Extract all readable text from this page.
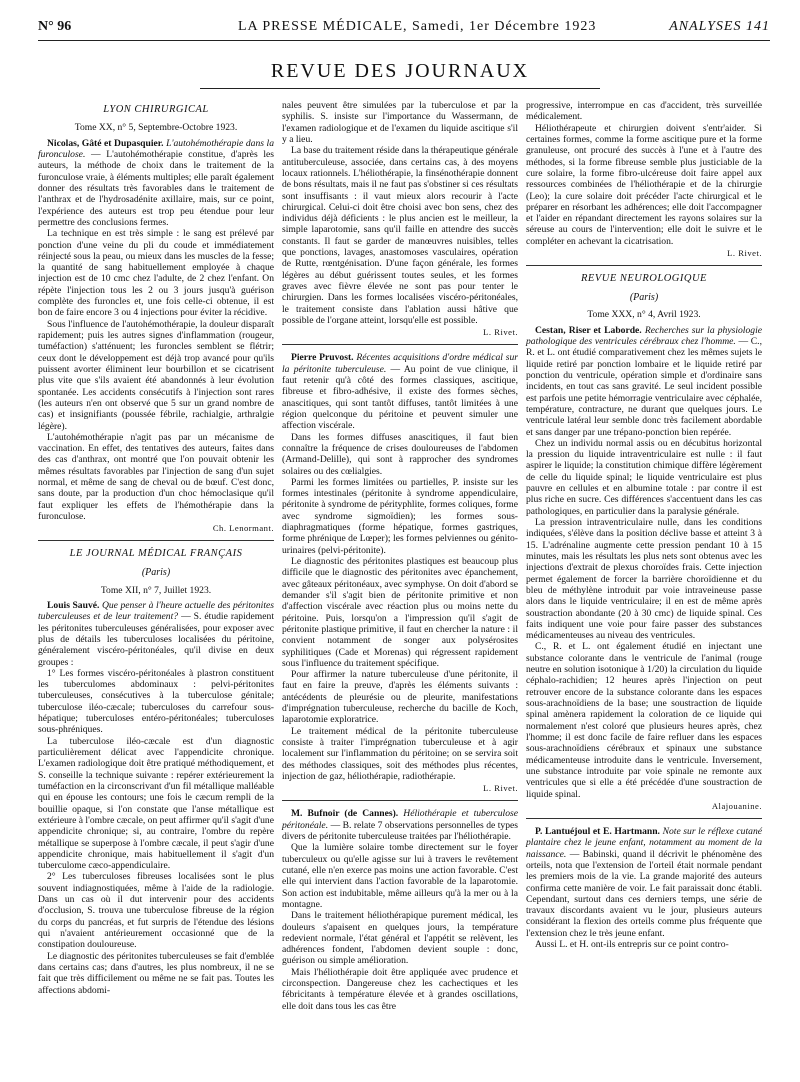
N° 96	LA PRESSE MÉDICALE, Samedi, 1er Décembre 1923	ANALYSES 141
REVUE DES JOURNAUX
LYON CHIRURGICAL
Tome XX, n° 5, Septembre-Octobre 1923.

Nicolas, Gâté et Dupasquier. L'autohémothérapie dans la furonculose. — L'autohémothérapie constitue, d'après les auteurs, la méthode de choix dans le traitement de la furonculose vraie, à éléments multiples; elle paraît également donner des résultats très favorables dans le traitement de l'anthrax et de l'hydrosadénite axillaire, mais, sur ce point, l'expérience des auteurs est trop peu étendue pour leur permettre des conclusions fermes.

La technique en est très simple : le sang est prélevé par ponction d'une veine du pli du coude et immédiatement réinjecté sous la peau, ou mieux dans les muscles de la fesse; la quantité de sang habituellement employée à chaque injection est de 10 cmc chez l'adulte, de 2 chez l'enfant. On répète l'injection tous les 2 ou 3 jours jusqu'à guérison complète des furoncles et, une fois celle-ci obtenue, il est bon de faire encore 3 ou 4 injections pour éviter la récidive.

Sous l'influence de l'autohémothérapie, la douleur disparaît rapidement; puis les autres signes d'inflammation (rougeur, tuméfaction) s'atténuent; les furoncles semblent se flétrir; ceux dont le développement est déjà trop avancé pour qu'ils puissent avorter éliminent leur bourbillon et se cicatrisent plus vite que s'ils avaient été abandonnés à leur évolution spontanée. Les accidents consécutifs à l'injection sont rares (les auteurs n'en ont observé que 5 sur un grand nombre de cas) et insignifiants (poussée fébrile, rachialgie, arthralgie légère).

L'autohémothérapie n'agit pas par un mécanisme de vaccination. En effet, des tentatives des auteurs, faites dans des cas d'anthrax, ont montré que l'on pouvait obtenir les mêmes résultats favorables par l'injection de sang d'un sujet normal, et même de sang de cheval ou de bœuf. C'est donc, sans doute, par la production d'un choc hémoclasique qu'il faut expliquer les effets de l'hémothérapie dans la furonculose.

Ch. Lenormant.
LE JOURNAL MÉDICAL FRANÇAIS
(Paris)
Tome XII, n° 7, Juillet 1923.

Louis Sauvé. Que penser à l'heure actuelle des péritonites tuberculeuses et de leur traitement? — S. étudie rapidement les péritonites tuberculeuses généralisées, pour exposer avec plus de détails les tuberculoses localisées du péritoine, généralement viscéro-péritonéales, qu'il divise en deux groupes :

1° Les formes viscéro-péritonéales à plastron constituent les tuberculomes abdominaux : pelvi-péritonites tuberculeuses, consécutives à la tuberculose génitale; tuberculose iléo-cæcale; tuberculoses du carrefour sous-hépatique; tuberculoses entéro-péritonéales; tuberculoses sous-phréniques.

La tuberculose iléo-cæcale est d'un diagnostic particulièrement délicat avec l'appendicite chronique. L'examen radiologique doit être pratiqué méthodiquement, et S. conseille la technique suivante : repérer extérieurement la tuméfaction en la circonscrivant d'un fil métallique malléable qui en épouse les contours; une fois le cæcum rempli de la bouillie opaque, si l'on constate que l'anse métallique est extérieure à l'ombre cæcale, on peut affirmer qu'il s'agit d'une appendicite chronique; si, au contraire, l'ombre du repère métallique se superpose à l'ombre cæcale, il peut s'agir d'une appendicite chronique, mais habituellement il s'agit d'un tuberculome cæco-appendiculaire.

2° Les tuberculoses fibreuses localisées sont le plus souvent indiagnostiquées, même à l'aide de la radiologie. Dans un cas où il dut intervenir pour des accidents d'occlusion, S. trouva une tuberculose fibreuse de la région du corps du pancréas, et fut surpris de l'étendue des lésions qui n'avaient antérieurement occasionné que de la constipation douloureuse.

Le diagnostic des péritonites tuberculeuses se fait d'emblée dans certains cas; dans d'autres, les plus nombreux, il ne se fait que très difficilement ou même ne se fait pas. Toutes les affections abdomi-

nales peuvent être simulées par la tuberculose et par la syphilis. S. insiste sur l'importance du Wassermann, de l'examen radiologique et de l'examen du liquide ascitique s'il y a lieu.

La base du traitement réside dans la thérapeutique générale antituberculeuse, associée, dans certains cas, à des moyens locaux rationnels. L'héliothérapie, la finsénothérapie donnent de bons résultats, mais il ne faut pas s'obstiner si ces résultats sont insuffisants : il vaut mieux alors recourir à l'acte chirurgical. Celui-ci doit être choisi avec bon sens, chez des individus déjà déficients : le plus ancien est le meilleur, la simple laparotomie, sans qu'il faille en attendre des succès constants. Il faut se garder de manœuvres nuisibles, telles que ponctions, lavages, anastomoses vasculaires, opération de Rutte, rœntgénisation. D'une façon générale, les formes légères au début guérissent toutes seules, et les formes graves avec fièvre élevée ne sont pas pour tenter le chirurgien. Dans les formes localisées viscéro-péritonéales, le traitement consiste dans l'ablation aussi hâtive que possible de l'organe atteint, lorsqu'elle est possible.

L. Rivet.

Pierre Pruvost. Récentes acquisitions d'ordre médical sur la péritonite tuberculeuse. — Au point de vue clinique, il faut retenir qu'à côté des formes classiques, ascitique, fibreuse et fibro-adhésive, il existe des formes sèches, anascitiques, qui sont tantôt diffuses, tantôt limitées à une région quelconque du péritoine et peuvent simuler une affection viscérale.

Dans les formes diffuses anascitiques, il faut bien connaître la fréquence de crises douloureuses de l'abdomen (Armand-Delille), qui sont à rapprocher des syndromes solaires ou des cœlialgies.

Parmi les formes limitées ou partielles, P. insiste sur les formes intestinales (péritonite à syndrome appendiculaire, péritonite à syndrome de pérityphlite, formes coliques, forme avec syndrome sigmoïdien); les formes sous-diaphragmatiques (forme hépatique, formes gastriques, forme phrénique de Lœper); les formes pelviennes ou génito-urinaires (pelvi-péritonite).

Le diagnostic des péritonites plastiques est beaucoup plus difficile que le diagnostic des péritonites avec épanchement, avec gâteaux péritonéaux, avec symphyse. On doit d'abord se demander s'il s'agit bien de péritonite primitive et non d'affection viscérale avec réaction plus ou moins nette du péritoine. Puis, lorsqu'on a l'impression qu'il s'agit de péritonite plastique primitive, il faut en chercher la nature : il convient notamment de songer aux polysérosites syphilitiques (Cade et Morenas) qui régressent rapidement sous l'influence du traitement spécifique.

Pour affirmer la nature tuberculeuse d'une péritonite, il faut en faire la preuve, d'après les éléments suivants : antécédents de pleurésie ou de pleurite, manifestations d'imprégnation tuberculeuse, recherche du bacille de Koch, laparotomie exploratrice.

Le traitement médical de la péritonite tuberculeuse consiste à traiter l'imprégnation tuberculeuse et à agir localement sur l'inflammation du péritoine; on se servira soit des méthodes classiques, soit des méthodes plus récentes, injection de gaz, héliothérapie, radiothérapie.

L. Rivet.

M. Bufnoir (de Cannes). Héliothérapie et tuberculose péritonéale. — B. relate 7 observations personnelles de types divers de péritonite tuberculeuse traitées par l'héliothérapie.

Que la lumière solaire tombe directement sur le foyer tuberculeux ou qu'elle agisse sur lui à travers le revêtement cutané, elle n'en exerce pas moins une action favorable. C'est elle qui intervient dans l'action favorable de la laparotomie. Son action est indubitable, même ailleurs qu'à la mer ou à la montagne.

Dans le traitement héliothérapique purement médical, les douleurs s'apaisent en quelques jours, la température redevient normale, l'état général et l'appétit se relèvent, les adhérences fondent, l'abdomen devient souple : donc, guérison ou simple amélioration.

Mais l'héliothérapie doit être appliquée avec prudence et circonspection. Dangereuse chez les cachectiques et les fébricitants à température élevée et à grandes oscillations, elle doit dans tous les cas être

progressive, interrompue en cas d'accident, très surveillée médicalement.

Héliothérapeute et chirurgien doivent s'entr'aider. Si certaines formes, comme la forme ascitique pure et la forme granuleuse, ont procuré des succès à l'une et à l'autre des méthodes, si la forme fibreuse semble plus justiciable de la cure solaire, la forme fibro-ulcéreuse doit faire appel aux ressources combinées de l'héliothérapie et de la chirurgie (Leo); la cure solaire doit précéder l'acte chirurgical et le préparer en résorbant les adhérences; elle doit l'accompagner et l'aider en répandant directement les rayons solaires sur la séreuse au cours de l'intervention; elle doit le suivre et le compléter en achevant la cicatrisation.

L. Rivet.
REVUE NEUROLOGIQUE
(Paris)
Tome XXX, n° 4, Avril 1923.

Cestan, Riser et Laborde. Recherches sur la physiologie pathologique des ventricules cérébraux chez l'homme. — C., R. et L. ont étudié comparativement chez les mêmes sujets le liquide retiré par ponction lombaire et le liquide retiré par ponction du ventricule, opération simple et d'ordinaire sans incidents, en tout cas sans gravité. Le seul incident possible est parfois une petite hémorragie ventriculaire avec céphalée, température, contracture, ne durant que quelques jours. Le ventricule latéral leur semble donc très facilement abordable et sans danger par une trépano-ponction bien repérée.

Chez un individu normal assis ou en décubitus horizontal la pression du liquide intraventriculaire est nulle : il faut aspirer le liquide; la constitution chimique diffère légèrement de celle du liquide spinal; le liquide ventriculaire est plus pauvre en cellules et en albumine totale : par contre il est plus riche en sucre. Ces différences s'accentuent dans les cas pathologiques, en particulier dans la paralysie générale.

La pression intraventriculaire nulle, dans les conditions indiquées, s'élève dans la position déclive basse et atteint 3 à 15. L'adrénaline augmente cette pression pendant 10 à 15 minutes, mais les résultats les plus nets sont obtenus avec les injections d'extrait de plexus choroïdes frais. Cette injection permet également de forcer la barrière choroïdienne et du bleu de méthylène introduit par voie intraveineuse passe alors dans le liquide ventriculaire; il en est de même après soustraction abondante (20 à 30 cmc) de liquide spinal. Ces faits indiquent une voie pour faire passer des substances médicamenteuses au niveau des ventricules.

C., R. et L. ont également étudié en injectant une substance colorante dans le ventricule de l'animal (rouge neutre en solution isotonique à 1/20) la circulation du liquide céphalo-rachidien; 12 heures après l'injection on peut retrouver encore de la substance colorante dans les espaces sous-arachnoïdiens de la base; une soustraction de liquide spinal amènera rapidement la coloration de ce liquide qui normalement n'est coloré que plusieurs heures après, chez l'homme; il est donc facile de faire refluer dans les espaces sous-arachnoïdiens cérébraux et spinaux une substance médicamenteuse introduite dans le ventricule. Inversement, une substance introduite par voie spinale ne remonte aux ventricules que si elle a été précédée d'une soustraction de liquide spinal.

Alajouanine.

P. Lantuéjoul et E. Hartmann. Note sur le réflexe cutané plantaire chez le jeune enfant, notamment au moment de la naissance. — Babinski, quand il décrivit le phénomène des orteils, nota que l'extension de l'orteil était normale pendant les premiers mois de la vie. La grande majorité des auteurs confirma cette manière de voir. Le fait paraissait donc établi. Cependant, surtout dans ces derniers temps, une série de travaux discordants avaient vu le jour, plusieurs auteurs considérant la flexion des orteils comme plus fréquente que l'extension chez le très jeune enfant.

Aussi L. et H. ont-ils entrepris sur ce point contro-
